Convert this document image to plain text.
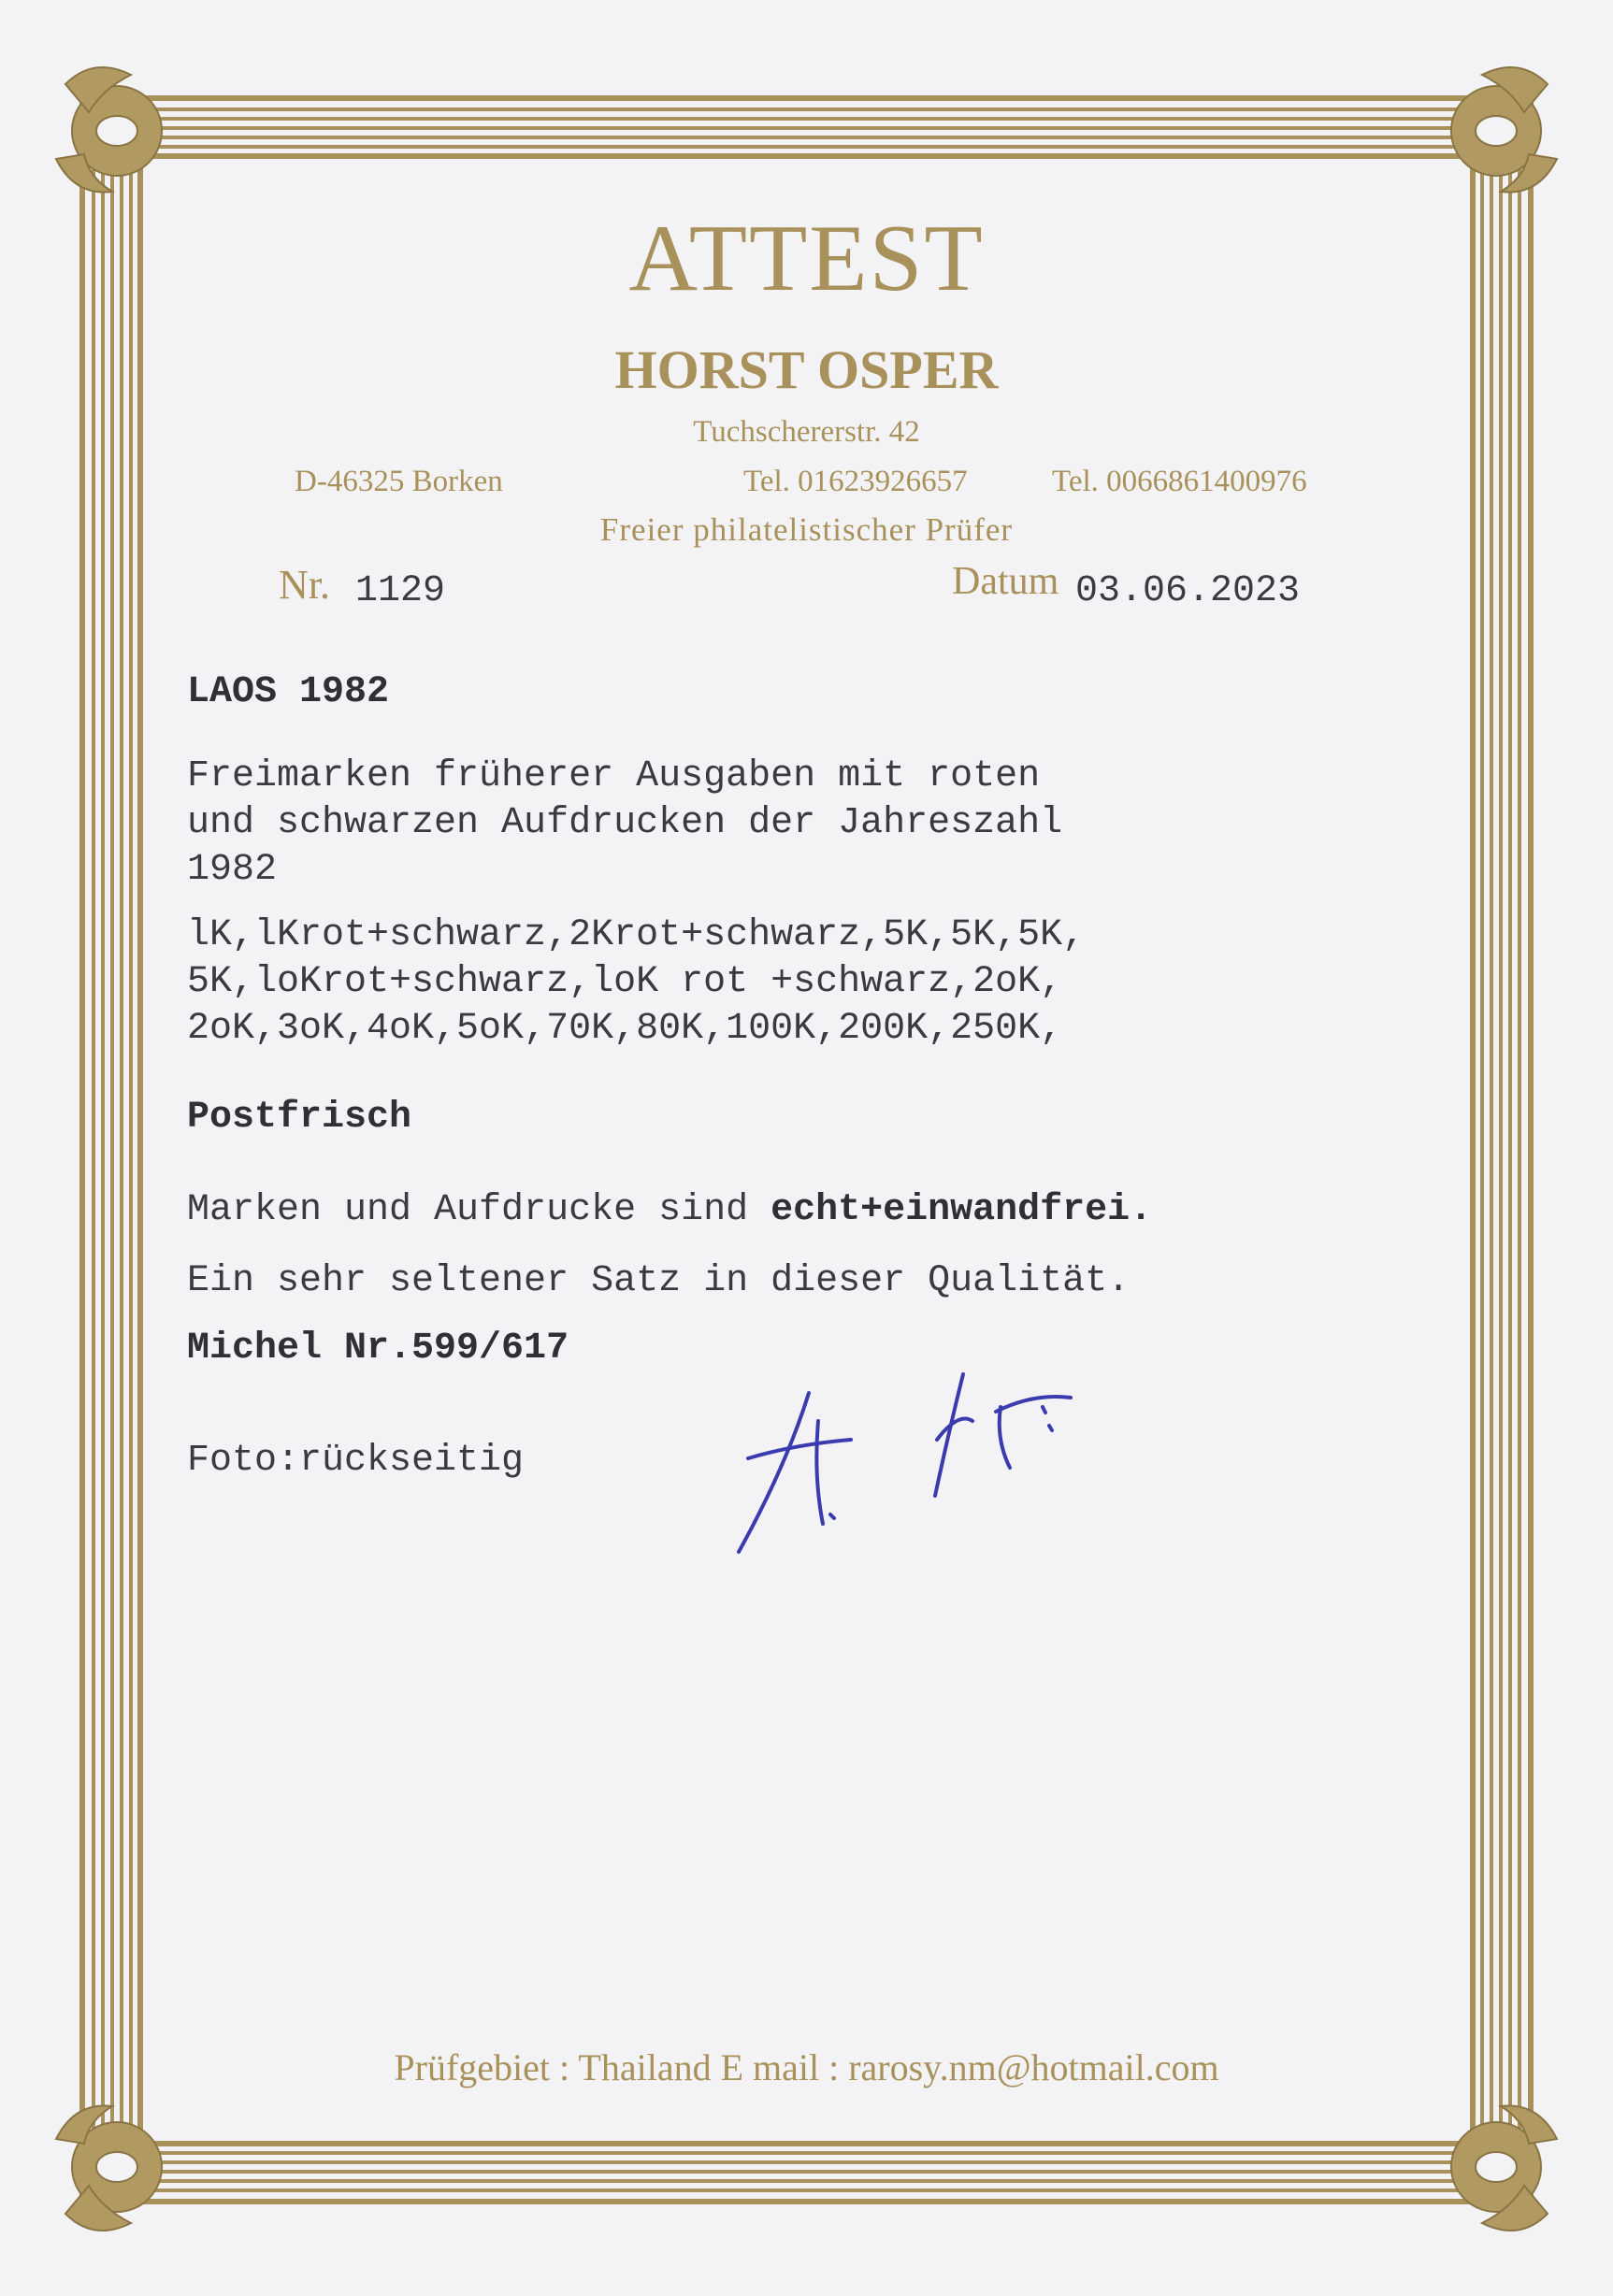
ATTEST
HORST OSPER
Tuchschererstr. 42
D-46325 Borken	Tel. 01623926657	Tel. 0066861400976
Freier philatelistischer Prüfer
Nr. 1129	Datum 03.06.2023
LAOS 1982
Freimarken früherer Ausgaben mit roten
und schwarzen Aufdrucken der Jahreszahl
1982
lK,lKrot+schwarz,2Krot+schwarz,5K,5K,5K,
5K,loKrot+schwarz,loK rot +schwarz,2oK,
2oK,3oK,4oK,5oK,70K,80K,100K,200K,250K,
Postfrisch
Marken und Aufdrucke sind echt+einwandfrei.
Ein sehr seltener Satz in dieser Qualität.
Michel Nr.599/617
Foto:rückseitig
Prüfgebiet : Thailand E mail : rarosy.nm@hotmail.com
